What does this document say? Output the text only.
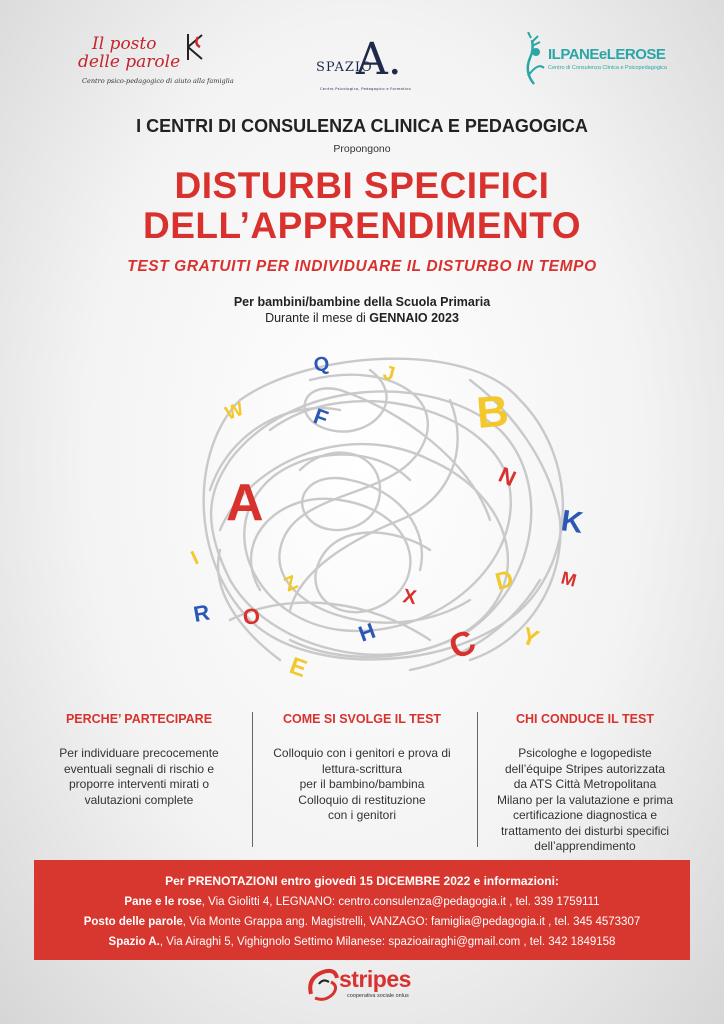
Il posto
delle parole
Centro psico-pedagogico di aiuto alla famiglia
SPAZIO
A.
Centro Psicologico, Pedagogico e Formativo
ILPANEeLEROSE
Centro di Consulenza Clinica e Psicopedagogica
I CENTRI DI CONSULENZA CLINICA E PEDAGOGICA
Propongono
DISTURBI SPECIFICI
DELL’APPRENDIMENTO
TEST GRATUITI PER INDIVIDUARE IL DISTURBO IN TEMPO
Per bambini/bambine della Scuola Primaria
Durante il mese di GENNAIO 2023
Q J
W	F	B
A	N
K
I
M
Z	D
X
R O
H	Y
E
C
PERCHE’ PARTECIPARE
Per individuare precocemente
eventuali segnali di rischio e
proporre interventi mirati o
valutazioni complete
COME SI SVOLGE IL TEST
Colloquio con i genitori e prova di
lettura-scrittura
per il bambino/bambina
Colloquio di restituzione
con i genitori
CHI CONDUCE IL TEST
Psicologhe e logopediste
dell’équipe Stripes autorizzata
da ATS Città Metropolitana
Milano per la valutazione e prima
certificazione diagnostica e
trattamento dei disturbi specifici
dell’apprendimento
Per PRENOTAZIONI entro giovedì 15 DICEMBRE 2022 e informazioni:
Pane e le rose, Via Giolitti 4, LEGNANO: centro.consulenza@pedagogia.it , tel. 339 1759111
Posto delle parole, Via Monte Grappa ang. Magistrelli, VANZAGO: famiglia@pedagogia.it , tel. 345 4573307
Spazio A., Via Airaghi 5, Vighignolo Settimo Milanese: spazioairaghi@gmail.com , tel. 342 1849158
stripes
cooperativa sociale onlus
